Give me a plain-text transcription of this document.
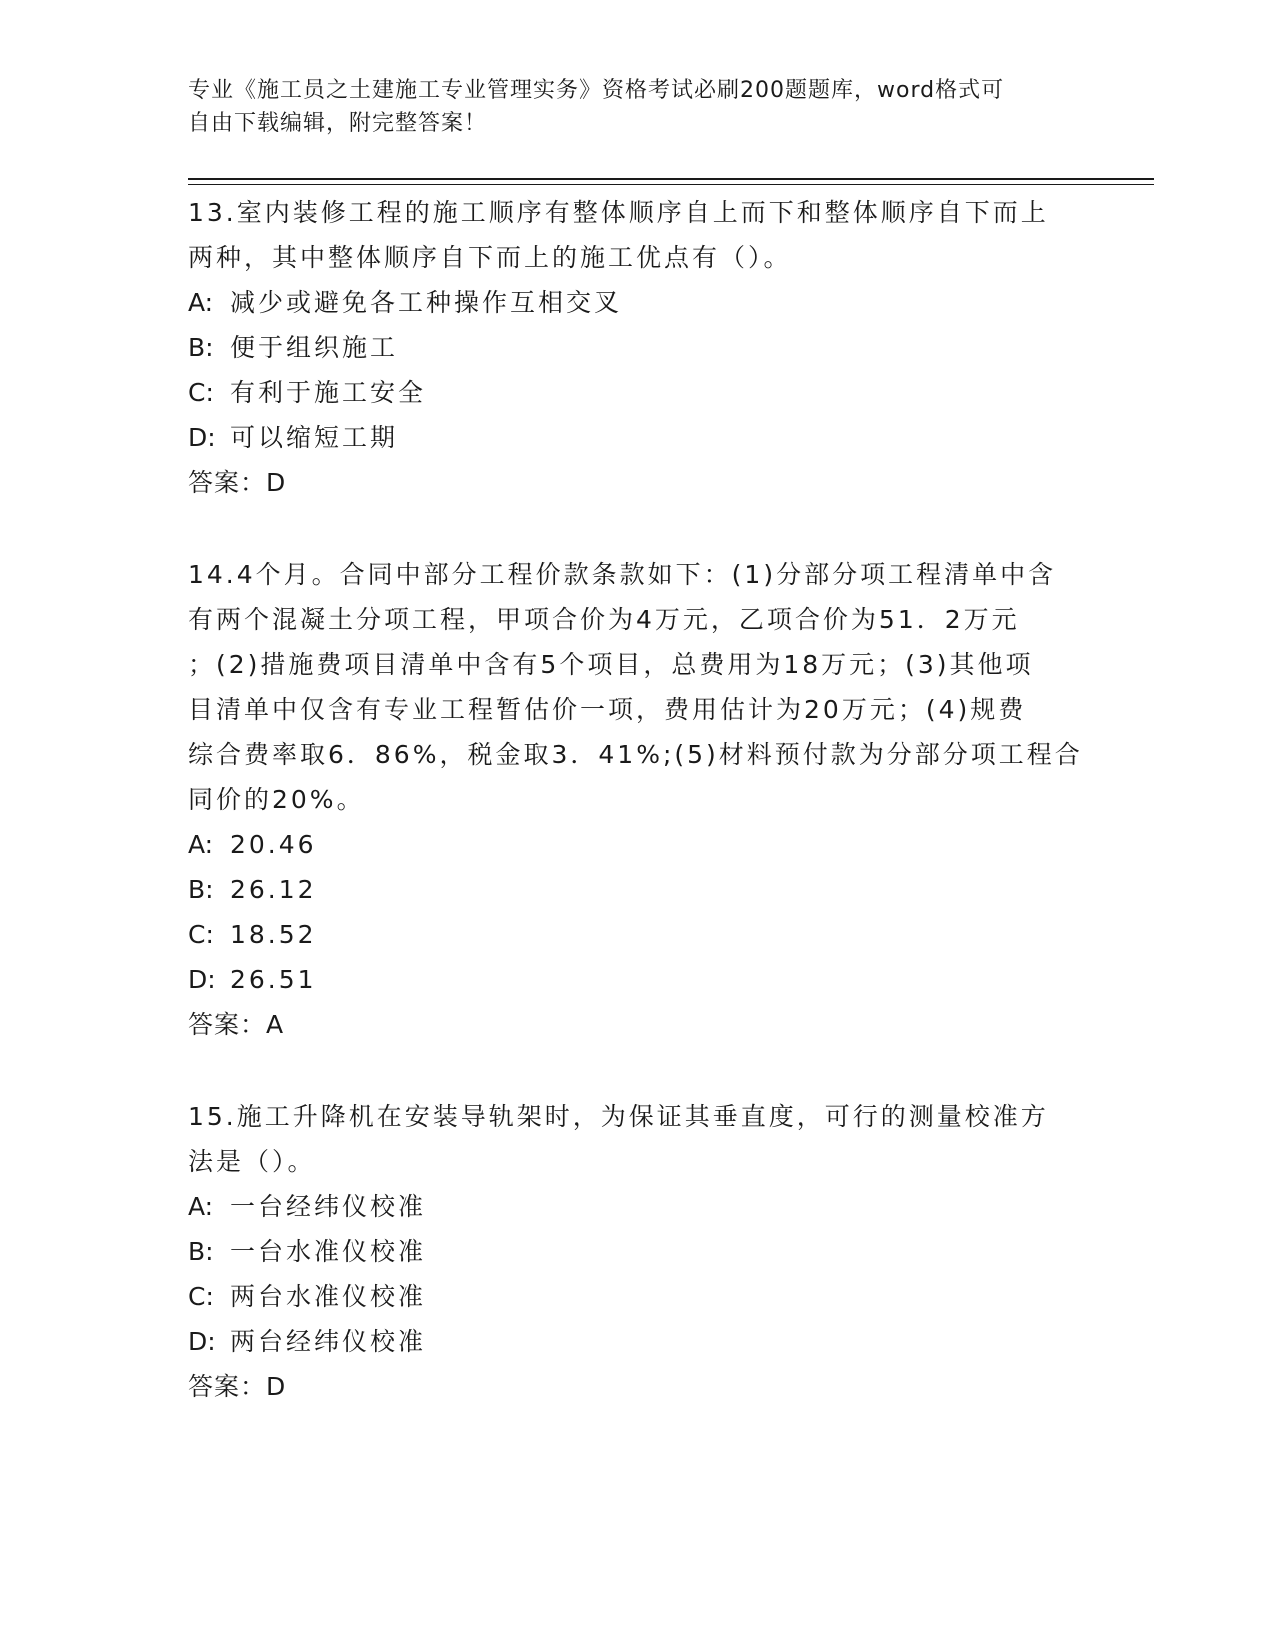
专业《施工员之土建施工专业管理实务》资格考试必刷200题题库，word格式可
自由下载编辑，附完整答案！
13.室内装修工程的施工顺序有整体顺序自上而下和整体顺序自下而上
两种，其中整体顺序自下而上的施工优点有（）。
A: 减少或避免各工种操作互相交叉
B: 便于组织施工
C: 有利于施工安全
D: 可以缩短工期
答案：D
14.4个月。合同中部分工程价款条款如下：(1)分部分项工程清单中含
有两个混凝土分项工程，甲项合价为4万元，乙项合价为51．2万元
；(2)措施费项目清单中含有5个项目，总费用为18万元；(3)其他项
目清单中仅含有专业工程暂估价一项，费用估计为20万元；(4)规费
综合费率取6．86%，税金取3．41%;(5)材料预付款为分部分项工程合
同价的20%。
A: 20.46
B: 26.12
C: 18.52
D: 26.51
答案：A
15.施工升降机在安装导轨架时，为保证其垂直度，可行的测量校准方
法是（）。
A: 一台经纬仪校准
B: 一台水准仪校准
C: 两台水准仪校准
D: 两台经纬仪校准
答案：D
